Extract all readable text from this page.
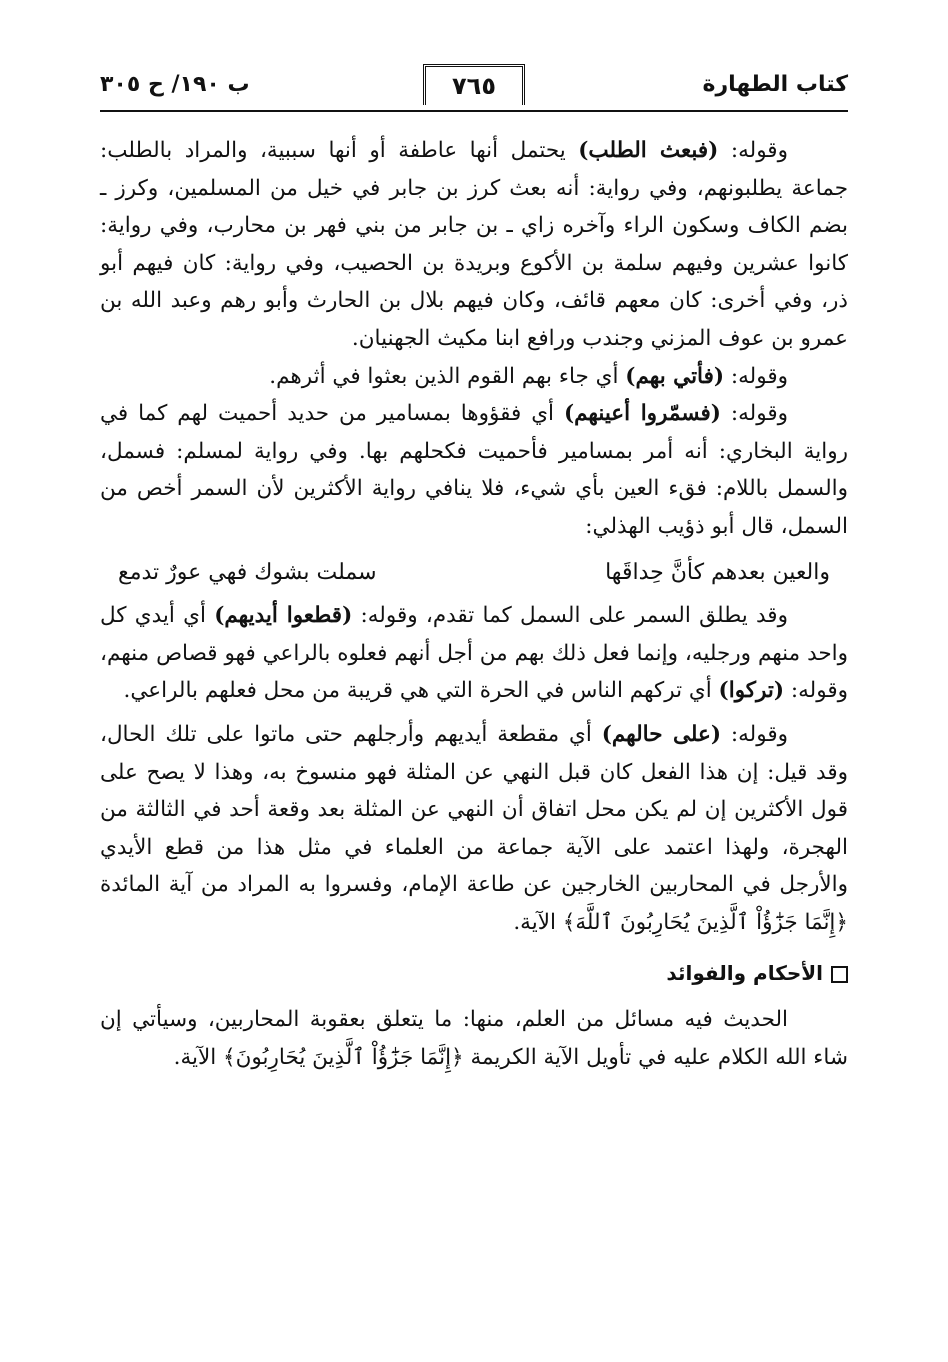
كتاب الطهارة
٧٦٥
ب ١٩٠/ ح ٣٠٥

وقوله: (فبعث الطلب) يحتمل أنها عاطفة أو أنها سببية، والمراد بالطلب: جماعة يطلبونهم، وفي رواية: أنه بعث كرز بن جابر في خيل من المسلمين، وكرز ـ بضم الكاف وسكون الراء وآخره زاي ـ بن جابر من بني فهر بن محارب، وفي رواية: كانوا عشرين وفيهم سلمة بن الأكوع وبريدة بن الحصيب، وفي رواية: كان فيهم أبو ذر، وفي أخرى: كان معهم قائف، وكان فيهم بلال بن الحارث وأبو رهم وعبد الله بن عمرو بن عوف المزني وجندب ورافع ابنا مكيث الجهنيان.

وقوله: (فأتي بهم) أي جاء بهم القوم الذين بعثوا في أثرهم.

وقوله: (فسمّروا أعينهم) أي فقؤوها بمسامير من حديد أحميت لهم كما في رواية البخاري: أنه أمر بمسامير فأحميت فكحلهم بها. وفي رواية لمسلم: فسمل، والسمل باللام: فقء العين بأي شيء، فلا ينافي رواية الأكثرين لأن السمر أخص من السمل، قال أبو ذؤيب الهذلي:

والعين بعدهم كأنَّ حِداقَها
سملت بشوك فهي عورٌ تدمع

وقد يطلق السمر على السمل كما تقدم، وقوله: (قطعوا أيديهم) أي أيدي كل واحد منهم ورجليه، وإنما فعل ذلك بهم من أجل أنهم فعلوه بالراعي فهو قصاص منهم، وقوله: (تركوا) أي تركهم الناس في الحرة التي هي قريبة من محل فعلهم بالراعي.

وقوله: (على حالهم) أي مقطعة أيديهم وأرجلهم حتى ماتوا على تلك الحال، وقد قيل: إن هذا الفعل كان قبل النهي عن المثلة فهو منسوخ به، وهذا لا يصح على قول الأكثرين إن لم يكن محل اتفاق أن النهي عن المثلة بعد وقعة أحد في الثالثة من الهجرة، ولهذا اعتمد على الآية جماعة من العلماء في مثل هذا من قطع الأيدي والأرجل في المحاربين الخارجين عن طاعة الإمام، وفسروا به المراد من آية المائدة ﴿إِنَّمَا جَزَٰٓؤُاْ ٱلَّذِينَ يُحَارِبُونَ ٱللَّهَ﴾ الآية.

الأحكام والفوائد

الحديث فيه مسائل من العلم، منها: ما يتعلق بعقوبة المحاربين، وسيأتي إن شاء الله الكلام عليه في تأويل الآية الكريمة ﴿إِنَّمَا جَزَٰٓؤُاْ ٱلَّذِينَ يُحَارِبُونَ﴾ الآية.
